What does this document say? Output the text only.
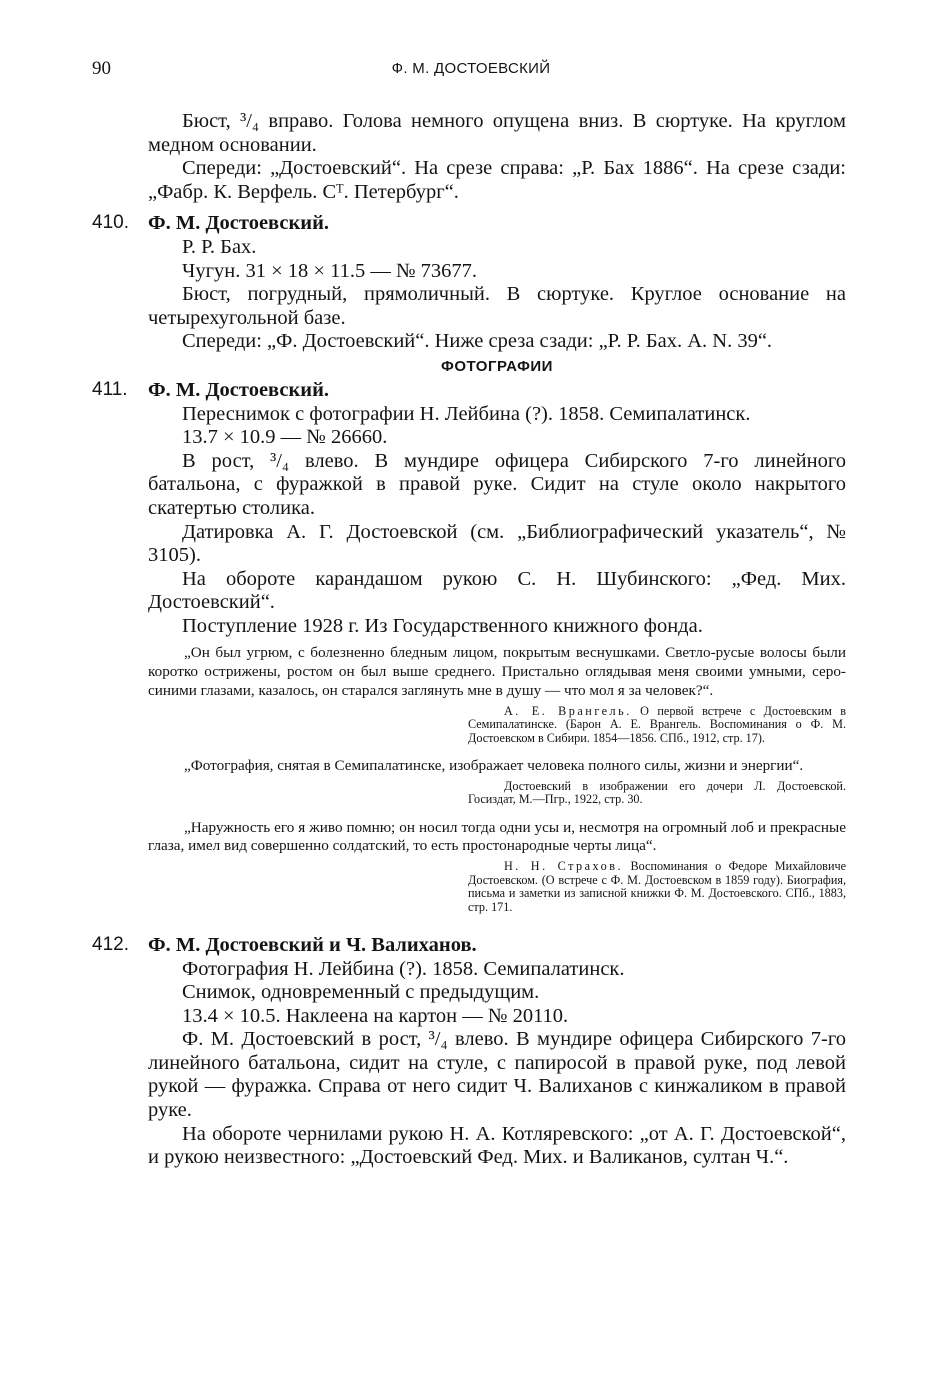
90	Ф. М. ДОСТОЕВСКИЙ

Бюст, ³/₄ вправо. Голова немного опущена вниз. В сюртуке. На круглом медном основании.

Спереди: „Достоевский“. На срезе справа: „Р. Бах 1886“. На срезе сзади: „Фабр. К. Верфель. Сᵀ. Петербург“.

410. Ф. М. Достоевский.

Р. Р. Бах.

Чугун. 31 × 18 × 11.5 — № 73677.

Бюст, погрудный, прямоличный. В сюртуке. Круглое основание на четырехугольной базе.

Спереди: „Ф. Достоевский“. Ниже среза сзади: „Р. Р. Бах. A. N. 39“.

ФОТОГРАФИИ
411. Ф. М. Достоевский.

Переснимок с фотографии Н. Лейбина (?). 1858. Семипалатинск.

13.7 × 10.9 — № 26660.

В рост, ³/₄ влево. В мундире офицера Сибирского 7-го линейного батальона, с фуражкой в правой руке. Сидит на стуле около накрытого скатертью столика.

Датировка А. Г. Достоевской (см. „Библиографический указатель“, № 3105).

На обороте карандашом рукою С. Н. Шубинского: „Фед. Мих. Достоевский“.

Поступление 1928 г. Из Государственного книжного фонда.

„Он был угрюм, с болезненно бледным лицом, покрытым веснушками. Светло-русые волосы были коротко острижены, ростом он был выше среднего. Пристально оглядывая меня своими умными, серо-синими глазами, казалось, он старался заглянуть мне в душу — что мол я за человек?“.

А. Е. Врангель. О первой встрече с Достоевским в Семипалатинске. (Барон А. Е. Врангель. Воспоминания о Ф. М. Достоевском в Сибири. 1854—1856. СПб., 1912, стр. 17).

„Фотография, снятая в Семипалатинске, изображает человека полного силы, жизни и энергии“.

Достоевский в изображении его дочери Л. Достоевской. Госиздат, М.—Пгр., 1922, стр. 30.

„Наружность его я живо помню; он носил тогда одни усы и, несмотря на огромный лоб и прекрасные глаза, имел вид совершенно солдатский, то есть простонародные черты лица“.

Н. Н. Страхов. Воспоминания о Федоре Михайловиче Достоевском. (О встрече с Ф. М. Достоевском в 1859 году). Биография, письма и заметки из записной книжки Ф. М. Достоевского. СПб., 1883, стр. 171.

412. Ф. М. Достоевский и Ч. Валиханов.

Фотография Н. Лейбина (?). 1858. Семипалатинск.

Снимок, одновременный с предыдущим.

13.4 × 10.5. Наклеена на картон — № 20110.

Ф. М. Достоевский в рост, ³/₄ влево. В мундире офицера Сибирского 7-го линейного батальона, сидит на стуле, с папиросой в правой руке, под левой рукой — фуражка. Справа от него сидит Ч. Валиханов с кинжаликом в правой руке.

На обороте чернилами рукою Н. А. Котляревского: „от А. Г. Достоевской“, и рукою неизвестного: „Достоевский Фед. Мих. и Валиканов, султан Ч.“.
